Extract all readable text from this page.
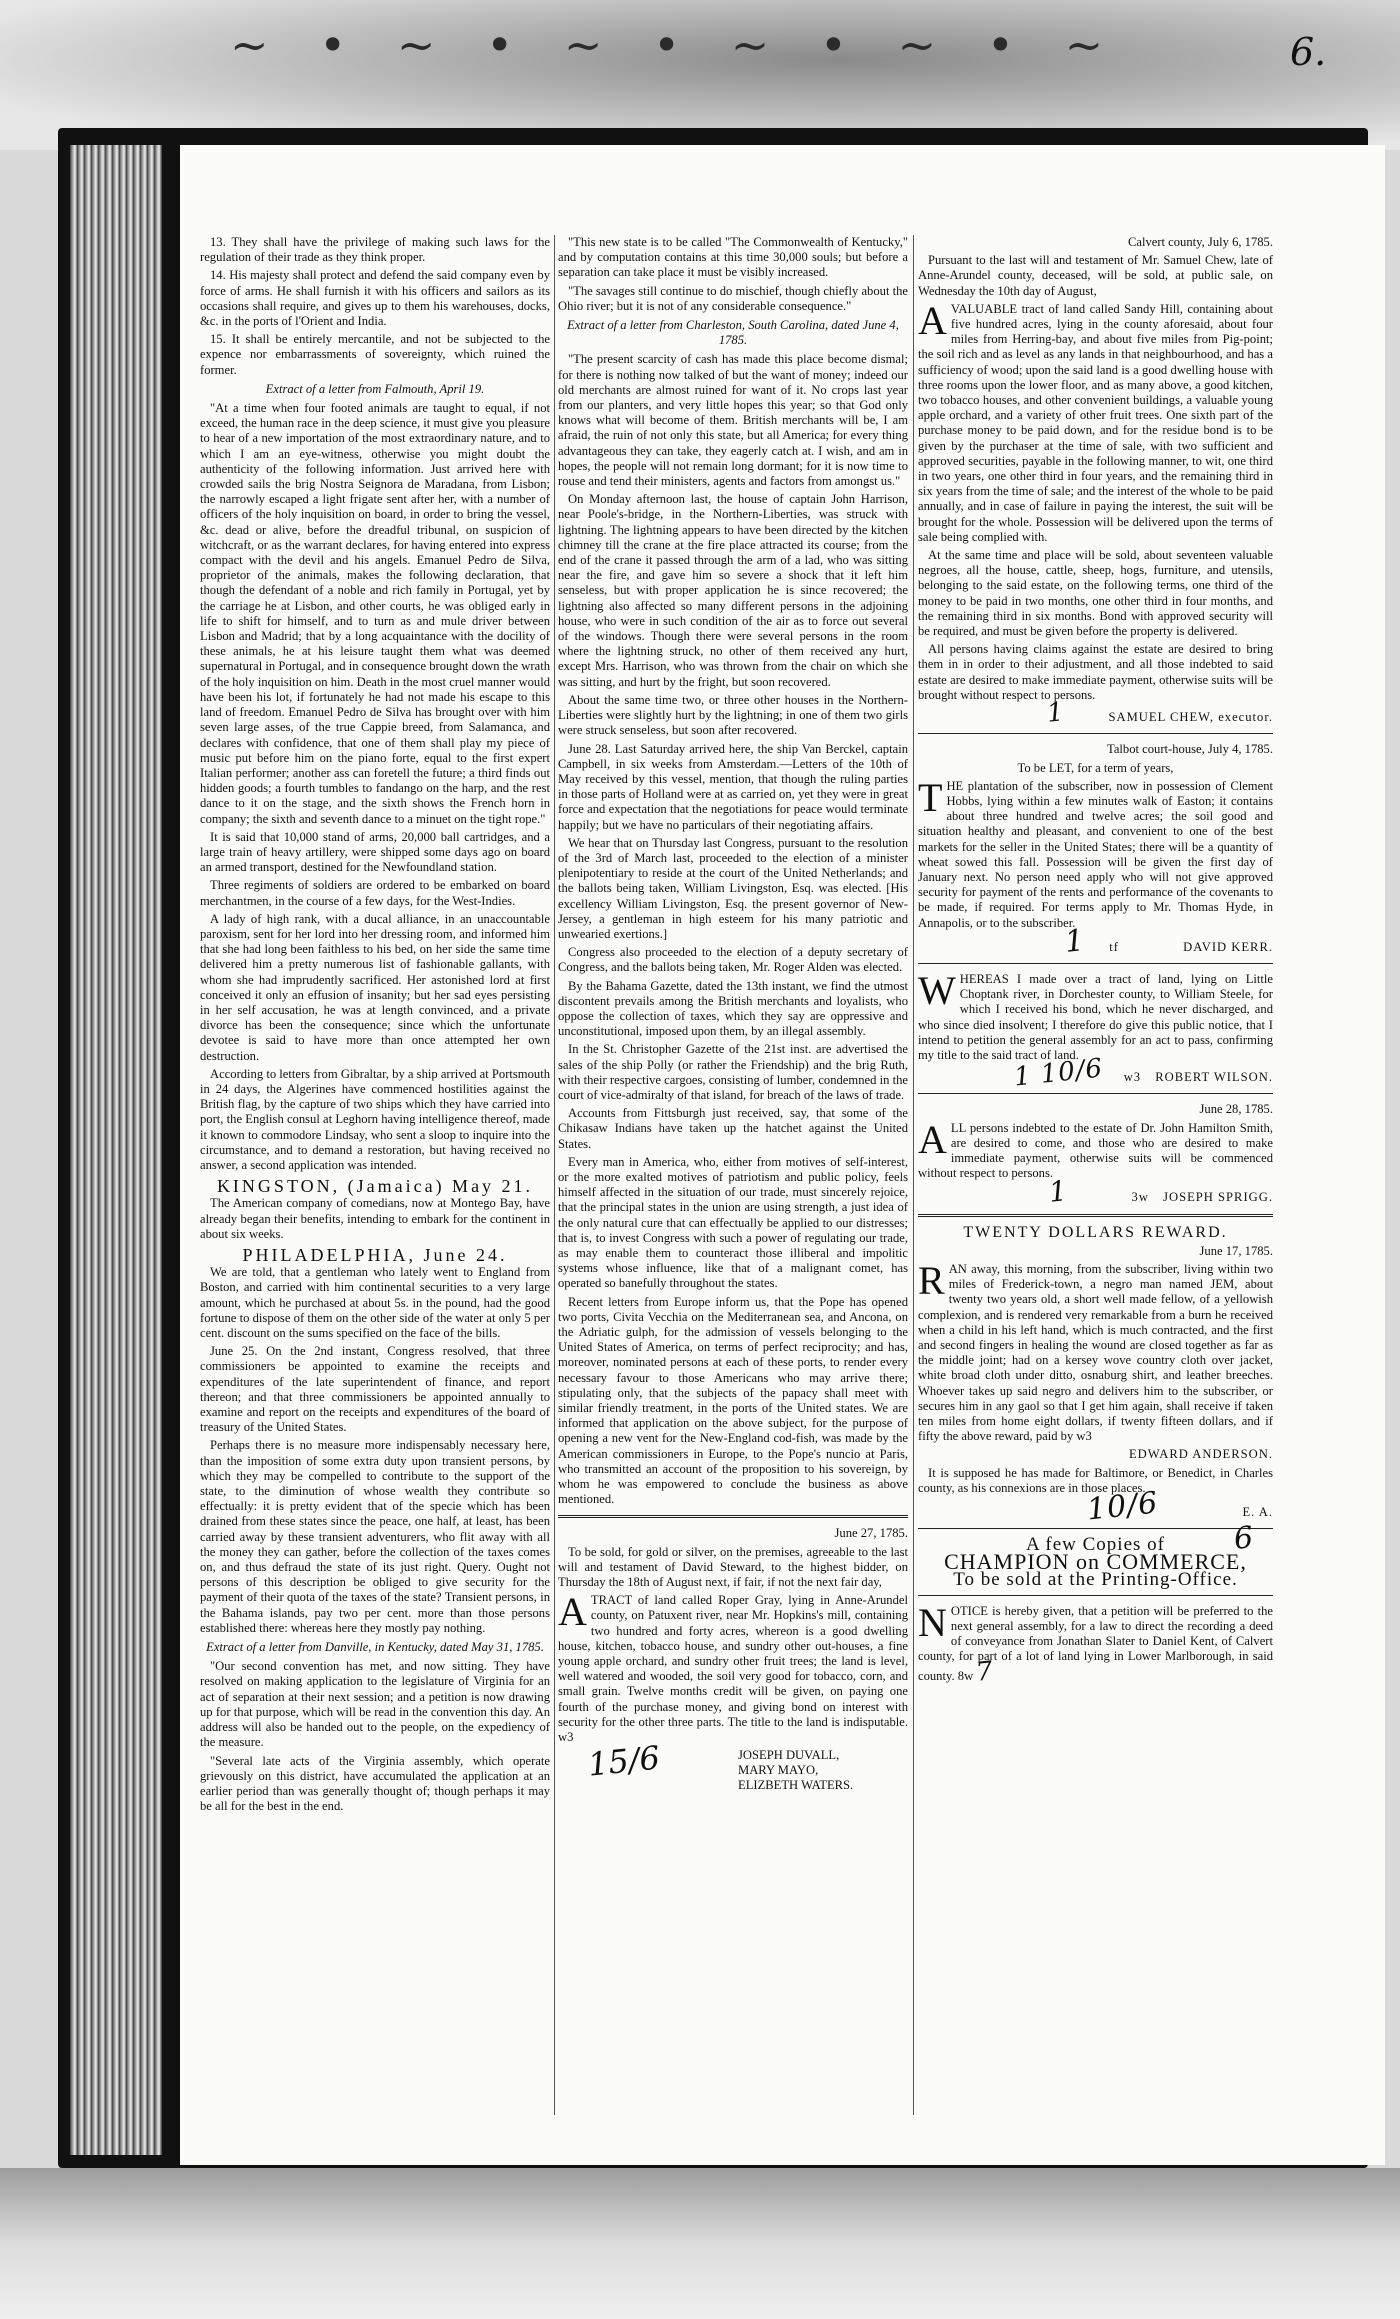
~ • ~ • ~ • ~ • ~ • ~	6.

13. They shall have the privilege of making such laws for the regulation of their trade as they think proper.

14. His majesty shall protect and defend the said company even by force of arms. He shall furnish it with his officers and sailors as its occasions shall require, and gives up to them his warehouses, docks, &c. in the ports of l'Orient and India.

15. It shall be entirely mercantile, and not be subjected to the expence nor embarrassments of sovereignty, which ruined the former.

Extract of a letter from Falmouth, April 19.

"At a time when four footed animals are taught to equal, if not exceed, the human race in the deep science, it must give you pleasure to hear of a new importation of the most extraordinary nature, and to which I am an eye-witness, otherwise you might doubt the authenticity of the following information. Just arrived here with crowded sails the brig Nostra Seignora de Maradana, from Lisbon; the narrowly escaped a light frigate sent after her, with a number of officers of the holy inquisition on board, in order to bring the vessel, &c. dead or alive, before the dreadful tribunal, on suspicion of witchcraft, or as the warrant declares, for having entered into express compact with the devil and his angels. Emanuel Pedro de Silva, proprietor of the animals, makes the following declaration, that though the defendant of a noble and rich family in Portugal, yet by the carriage he at Lisbon, and other courts, he was obliged early in life to shift for himself, and to turn as and mule driver between Lisbon and Madrid; that by a long acquaintance with the docility of these animals, he at his leisure taught them what was deemed supernatural in Portugal, and in consequence brought down the wrath of the holy inquisition on him. Death in the most cruel manner would have been his lot, if fortunately he had not made his escape to this land of freedom. Emanuel Pedro de Silva has brought over with him seven large asses, of the true Cappie breed, from Salamanca, and declares with confidence, that one of them shall play my piece of music put before him on the piano forte, equal to the first expert Italian performer; another ass can foretell the future; a third finds out hidden goods; a fourth tumbles to fandango on the harp, and the rest dance to it on the stage, and the sixth shows the French horn in company; the sixth and seventh dance to a minuet on the tight rope."

It is said that 10,000 stand of arms, 20,000 ball cartridges, and a large train of heavy artillery, were shipped some days ago on board an armed transport, destined for the Newfoundland station.

Three regiments of soldiers are ordered to be embarked on board merchantmen, in the course of a few days, for the West-Indies.

A lady of high rank, with a ducal alliance, in an unaccountable paroxism, sent for her lord into her dressing room, and informed him that she had long been faithless to his bed, on her side the same time delivered him a pretty numerous list of fashionable gallants, with whom she had imprudently sacrificed. Her astonished lord at first conceived it only an effusion of insanity; but her sad eyes persisting in her self accusation, he was at length convinced, and a private divorce has been the consequence; since which the unfortunate devotee is said to have more than once attempted her own destruction.

According to letters from Gibraltar, by a ship arrived at Portsmouth in 24 days, the Algerines have commenced hostilities against the British flag, by the capture of two ships which they have carried into port, the English consul at Leghorn having intelligence thereof, made it known to commodore Lindsay, who sent a sloop to inquire into the circumstance, and to demand a restoration, but having received no answer, a second application was intended.

KINGSTON, (Jamaica) May 21.

The American company of comedians, now at Montego Bay, have already began their benefits, intending to embark for the continent in about six weeks.

PHILADELPHIA, June 24.

We are told, that a gentleman who lately went to England from Boston, and carried with him continental securities to a very large amount, which he purchased at about 5s. in the pound, had the good fortune to dispose of them on the other side of the water at only 5 per cent. discount on the sums specified on the face of the bills.

June 25. On the 2nd instant, Congress resolved, that three commissioners be appointed to examine the receipts and expenditures of the late superintendent of finance, and report thereon; and that three commissioners be appointed annually to examine and report on the receipts and expenditures of the board of treasury of the United States.

Perhaps there is no measure more indispensably necessary here, than the imposition of some extra duty upon transient persons, by which they may be compelled to contribute to the support of the state, to the diminution of whose wealth they contribute so effectually: it is pretty evident that of the specie which has been drained from these states since the peace, one half, at least, has been carried away by these transient adventurers, who flit away with all the money they can gather, before the collection of the taxes comes on, and thus defraud the state of its just right. Query. Ought not persons of this description be obliged to give security for the payment of their quota of the taxes of the state? Transient persons, in the Bahama islands, pay two per cent. more than those persons established there: whereas here they mostly pay nothing.

Extract of a letter from Danville, in Kentucky, dated May 31, 1785.

"Our second convention has met, and now sitting. They have resolved on making application to the legislature of Virginia for an act of separation at their next session; and a petition is now drawing up for that purpose, which will be read in the convention this day. An address will also be handed out to the people, on the expediency of the measure.

"Several late acts of the Virginia assembly, which operate grievously on this district, have accumulated the application at an earlier period than was generally thought of; though perhaps it may be all for the best in the end.

"This new state is to be called "The Commonwealth of Kentucky," and by computation contains at this time 30,000 souls; but before a separation can take place it must be visibly increased.

"The savages still continue to do mischief, though chiefly about the Ohio river; but it is not of any considerable consequence."

Extract of a letter from Charleston, South Carolina, dated June 4, 1785.

"The present scarcity of cash has made this place become dismal; for there is nothing now talked of but the want of money; indeed our old merchants are almost ruined for want of it. No crops last year from our planters, and very little hopes this year; so that God only knows what will become of them. British merchants will be, I am afraid, the ruin of not only this state, but all America; for every thing advantageous they can take, they eagerly catch at. I wish, and am in hopes, the people will not remain long dormant; for it is now time to rouse and tend their ministers, agents and factors from amongst us."

On Monday afternoon last, the house of captain John Harrison, near Poole's-bridge, in the Northern-Liberties, was struck with lightning. The lightning appears to have been directed by the kitchen chimney till the crane at the fire place attracted its course; from the end of the crane it passed through the arm of a lad, who was sitting near the fire, and gave him so severe a shock that it left him senseless, but with proper application he is since recovered; the lightning also affected so many different persons in the adjoining house, who were in such condition of the air as to force out several of the windows. Though there were several persons in the room where the lightning struck, no other of them received any hurt, except Mrs. Harrison, who was thrown from the chair on which she was sitting, and hurt by the fright, but soon recovered.

About the same time two, or three other houses in the Northern-Liberties were slightly hurt by the lightning; in one of them two girls were struck senseless, but soon after recovered.

June 28. Last Saturday arrived here, the ship Van Berckel, captain Campbell, in six weeks from Amsterdam.—Letters of the 10th of May received by this vessel, mention, that though the ruling parties in those parts of Holland were at as carried on, yet they were in great force and expectation that the negotiations for peace would terminate happily; but we have no particulars of their negotiating affairs.

We hear that on Thursday last Congress, pursuant to the resolution of the 3rd of March last, proceeded to the election of a minister plenipotentiary to reside at the court of the United Netherlands; and the ballots being taken, William Livingston, Esq. was elected. [His excellency William Livingston, Esq. the present governor of New-Jersey, a gentleman in high esteem for his many patriotic and unwearied exertions.]

Congress also proceeded to the election of a deputy secretary of Congress, and the ballots being taken, Mr. Roger Alden was elected.

By the Bahama Gazette, dated the 13th instant, we find the utmost discontent prevails among the British merchants and loyalists, who oppose the collection of taxes, which they say are oppressive and unconstitutional, imposed upon them, by an illegal assembly.

In the St. Christopher Gazette of the 21st inst. are advertised the sales of the ship Polly (or rather the Friendship) and the brig Ruth, with their respective cargoes, consisting of lumber, condemned in the court of vice-admiralty of that island, for breach of the laws of trade.

Accounts from Fittsburgh just received, say, that some of the Chikasaw Indians have taken up the hatchet against the United States.

Every man in America, who, either from motives of self-interest, or the more exalted motives of patriotism and public policy, feels himself affected in the situation of our trade, must sincerely rejoice, that the principal states in the union are using strength, a just idea of the only natural cure that can effectually be applied to our distresses; that is, to invest Congress with such a power of regulating our trade, as may enable them to counteract those illiberal and impolitic systems whose influence, like that of a malignant comet, has operated so banefully throughout the states.

Recent letters from Europe inform us, that the Pope has opened two ports, Civita Vecchia on the Mediterranean sea, and Ancona, on the Adriatic gulph, for the admission of vessels belonging to the United States of America, on terms of perfect reciprocity; and has, moreover, nominated persons at each of these ports, to render every necessary favour to those Americans who may arrive there; stipulating only, that the subjects of the papacy shall meet with similar friendly treatment, in the ports of the United states. We are informed that application on the above subject, for the purpose of opening a new vent for the New-England cod-fish, was made by the American commissioners in Europe, to the Pope's nuncio at Paris, who transmitted an account of the proposition to his sovereign, by whom he was empowered to conclude the business as above mentioned.

June 27, 1785.

To be sold, for gold or silver, on the premises, agreeable to the last will and testament of David Steward, to the highest bidder, on Thursday the 18th of August next, if fair, if not the next fair day,

ATRACT of land called Roper Gray, lying in Anne-Arundel county, on Patuxent river, near Mr. Hopkins's mill, containing two hundred and forty acres, whereon is a good dwelling house, kitchen, tobacco house, and sundry other out-houses, a fine young apple orchard, and sundry other fruit trees; the land is level, well watered and wooded, the soil very good for tobacco, corn, and small grain. Twelve months credit will be given, on paying one fourth of the purchase money, and giving bond on interest with security for the other three parts. The title to the land is indisputable. w3

15/6	JOSEPH DUVALL,
MARY MAYO,
ELIZBETH WATERS.

Calvert county, July 6, 1785.

Pursuant to the last will and testament of Mr. Samuel Chew, late of Anne-Arundel county, deceased, will be sold, at public sale, on Wednesday the 10th day of August,

AVALUABLE tract of land called Sandy Hill, containing about five hundred acres, lying in the county aforesaid, about four miles from Herring-bay, and about five miles from Pig-point; the soil rich and as level as any lands in that neighbourhood, and has a sufficiency of wood; upon the said land is a good dwelling house with three rooms upon the lower floor, and as many above, a good kitchen, two tobacco houses, and other convenient buildings, a valuable young apple orchard, and a variety of other fruit trees. One sixth part of the purchase money to be paid down, and for the residue bond is to be given by the purchaser at the time of sale, with two sufficient and approved securities, payable in the following manner, to wit, one third in two years, one other third in four years, and the remaining third in six years from the time of sale; and the interest of the whole to be paid annually, and in case of failure in paying the interest, the suit will be brought for the whole. Possession will be delivered upon the terms of sale being complied with.

At the same time and place will be sold, about seventeen valuable negroes, all the house, cattle, sheep, hogs, furniture, and utensils, belonging to the said estate, on the following terms, one third of the money to be paid in two months, one other third in four months, and the remaining third in six months. Bond with approved security will be required, and must be given before the property is delivered.

All persons having claims against the estate are desired to bring them in in order to their adjustment, and all those indebted to said estate are desired to make immediate payment, otherwise suits will be brought without respect to persons.

1	SAMUEL CHEW, executor.

Talbot court-house, July 4, 1785.

To be LET, for a term of years,

THE plantation of the subscriber, now in possession of Clement Hobbs, lying within a few minutes walk of Easton; it contains about three hundred and twelve acres; the soil good and situation healthy and pleasant, and convenient to one of the best markets for the seller in the United States; there will be a quantity of wheat sowed this fall. Possession will be given the first day of January next. No person need apply who will not give approved security for payment of the rents and performance of the covenants to be made, if required. For terms apply to Mr. Thomas Hyde, in Annapolis, or to the subscriber.

1 tf	DAVID KERR.

WHEREAS I made over a tract of land, lying on Little Choptank river, in Dorchester county, to William Steele, for which I received his bond, which he never discharged, and who since died insolvent; I therefore do give this public notice, that I intend to petition the general assembly for an act to pass, confirming my title to the said tract of land.

1 10/6 w3 ROBERT WILSON.

June 28, 1785.

ALL persons indebted to the estate of Dr. John Hamilton Smith, are desired to come, and those who are desired to make immediate payment, otherwise suits will be commenced without respect to persons.

1	3w JOSEPH SPRIGG.

TWENTY DOLLARS REWARD.

June 17, 1785.

RAN away, this morning, from the subscriber, living within two miles of Frederick-town, a negro man named JEM, about twenty two years old, a short well made fellow, of a yellowish complexion, and is rendered very remarkable from a burn he received when a child in his left hand, which is much contracted, and the first and second fingers in healing the wound are closed together as far as the middle joint; had on a kersey wove country cloth over jacket, white broad cloth under ditto, osnaburg shirt, and leather breeches. Whoever takes up said negro and delivers him to the subscriber, or secures him in any gaol so that I get him again, shall receive if taken ten miles from home eight dollars, if twenty fifteen dollars, and if fifty the above reward, paid by w3

EDWARD ANDERSON.

It is supposed he has made for Baltimore, or Benedict, in Charles county, as his connexions are in those places.

10/6	E. A.

A few Copies of

CHAMPION on COMMERCE,

To be sold at the Printing-Office.

6

NOTICE is hereby given, that a petition will be preferred to the next general assembly, for a law to direct the recording a deed of conveyance from Jonathan Slater to Daniel Kent, of Calvert county, for part of a lot of land lying in Lower Marlborough, in said county. 8w 7
